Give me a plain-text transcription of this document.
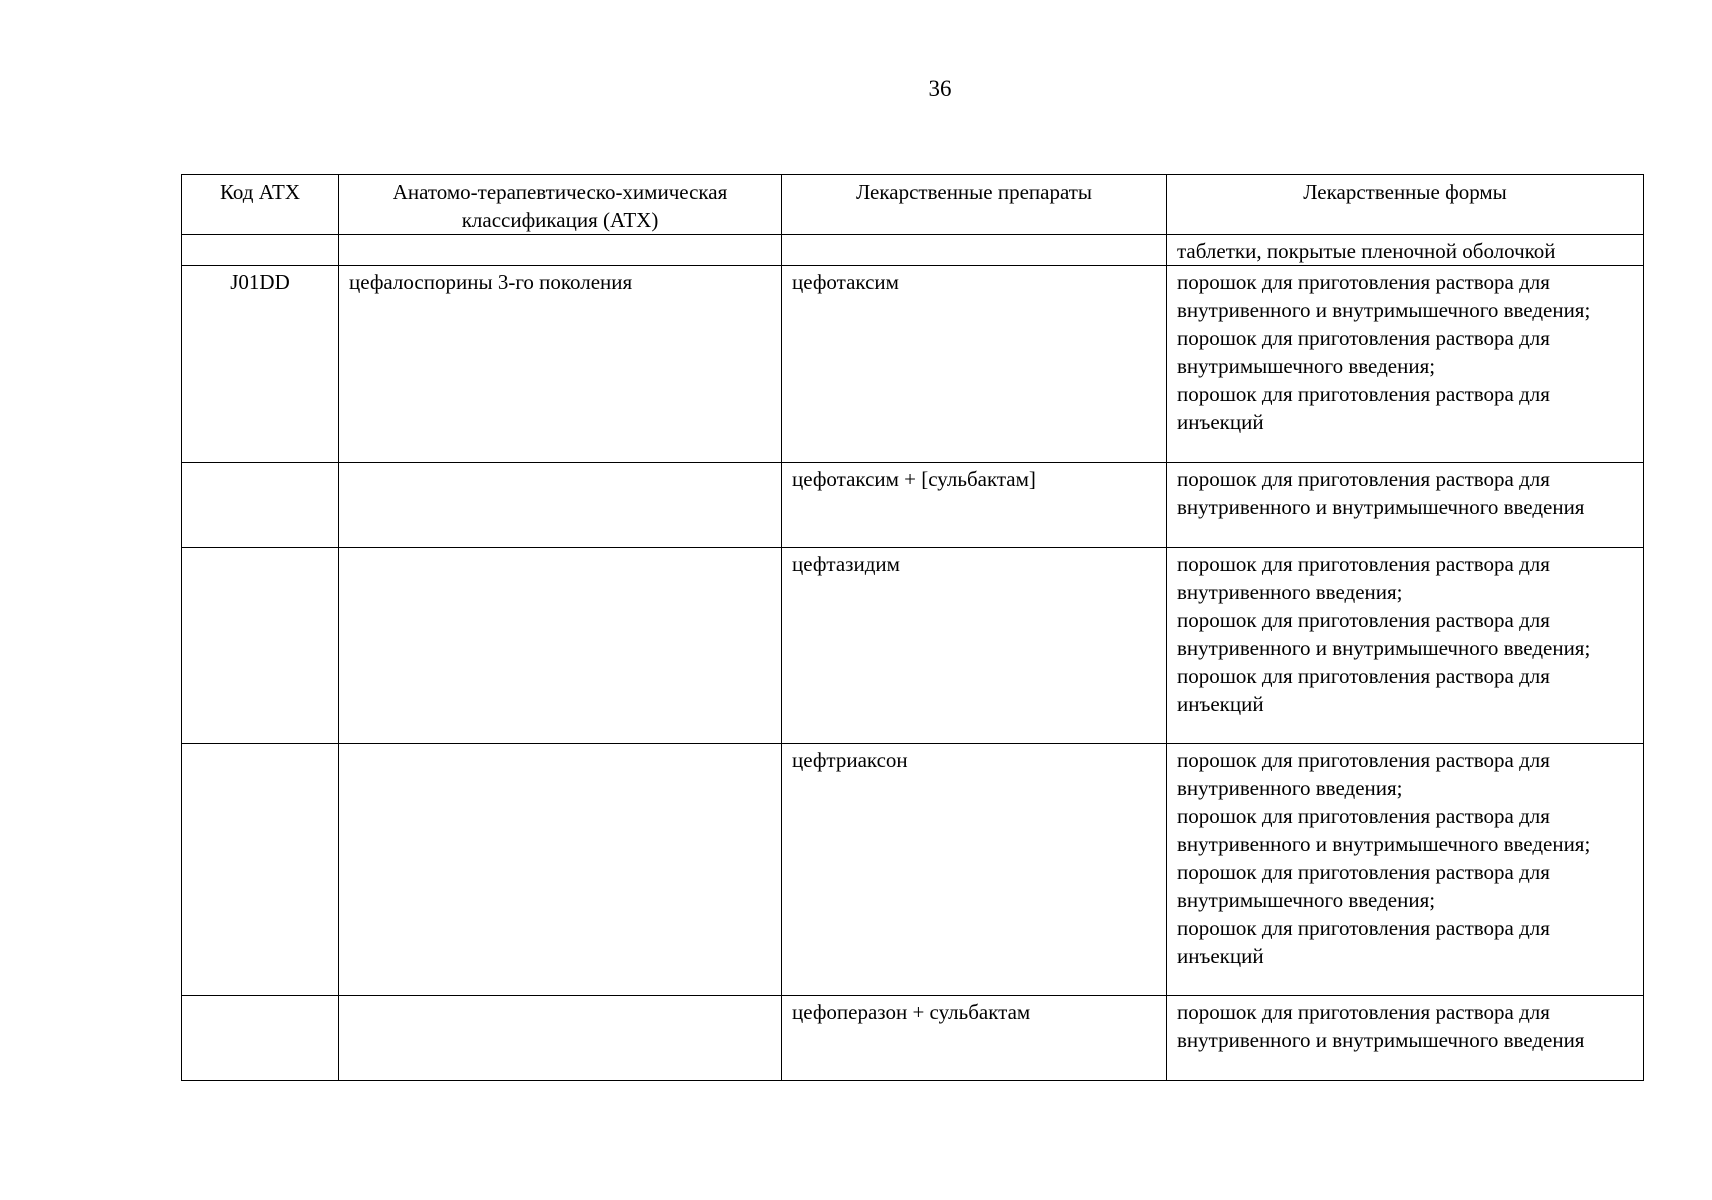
36
Код АТХ	Анатомо-терапевтическо-химическая классификация (АТХ)	Лекарственные препараты	Лекарственные формы
			таблетки, покрытые пленочной оболочкой
J01DD	цефалоспорины 3-го поколения	цефотаксим	порошок для приготовления раствора для внутривенного и внутримышечного введения;
порошок для приготовления раствора для внутримышечного введения;
порошок для приготовления раствора для инъекций
		цефотаксим + [сульбактам]	порошок для приготовления раствора для внутривенного и внутримышечного введения
		цефтазидим	порошок для приготовления раствора для внутривенного введения;
порошок для приготовления раствора для внутривенного и внутримышечного введения;
порошок для приготовления раствора для инъекций
		цефтриаксон	порошок для приготовления раствора для внутривенного введения;
порошок для приготовления раствора для внутривенного и внутримышечного введения;
порошок для приготовления раствора для внутримышечного введения;
порошок для приготовления раствора для инъекций
		цефоперазон + сульбактам	порошок для приготовления раствора для внутривенного и внутримышечного введения
